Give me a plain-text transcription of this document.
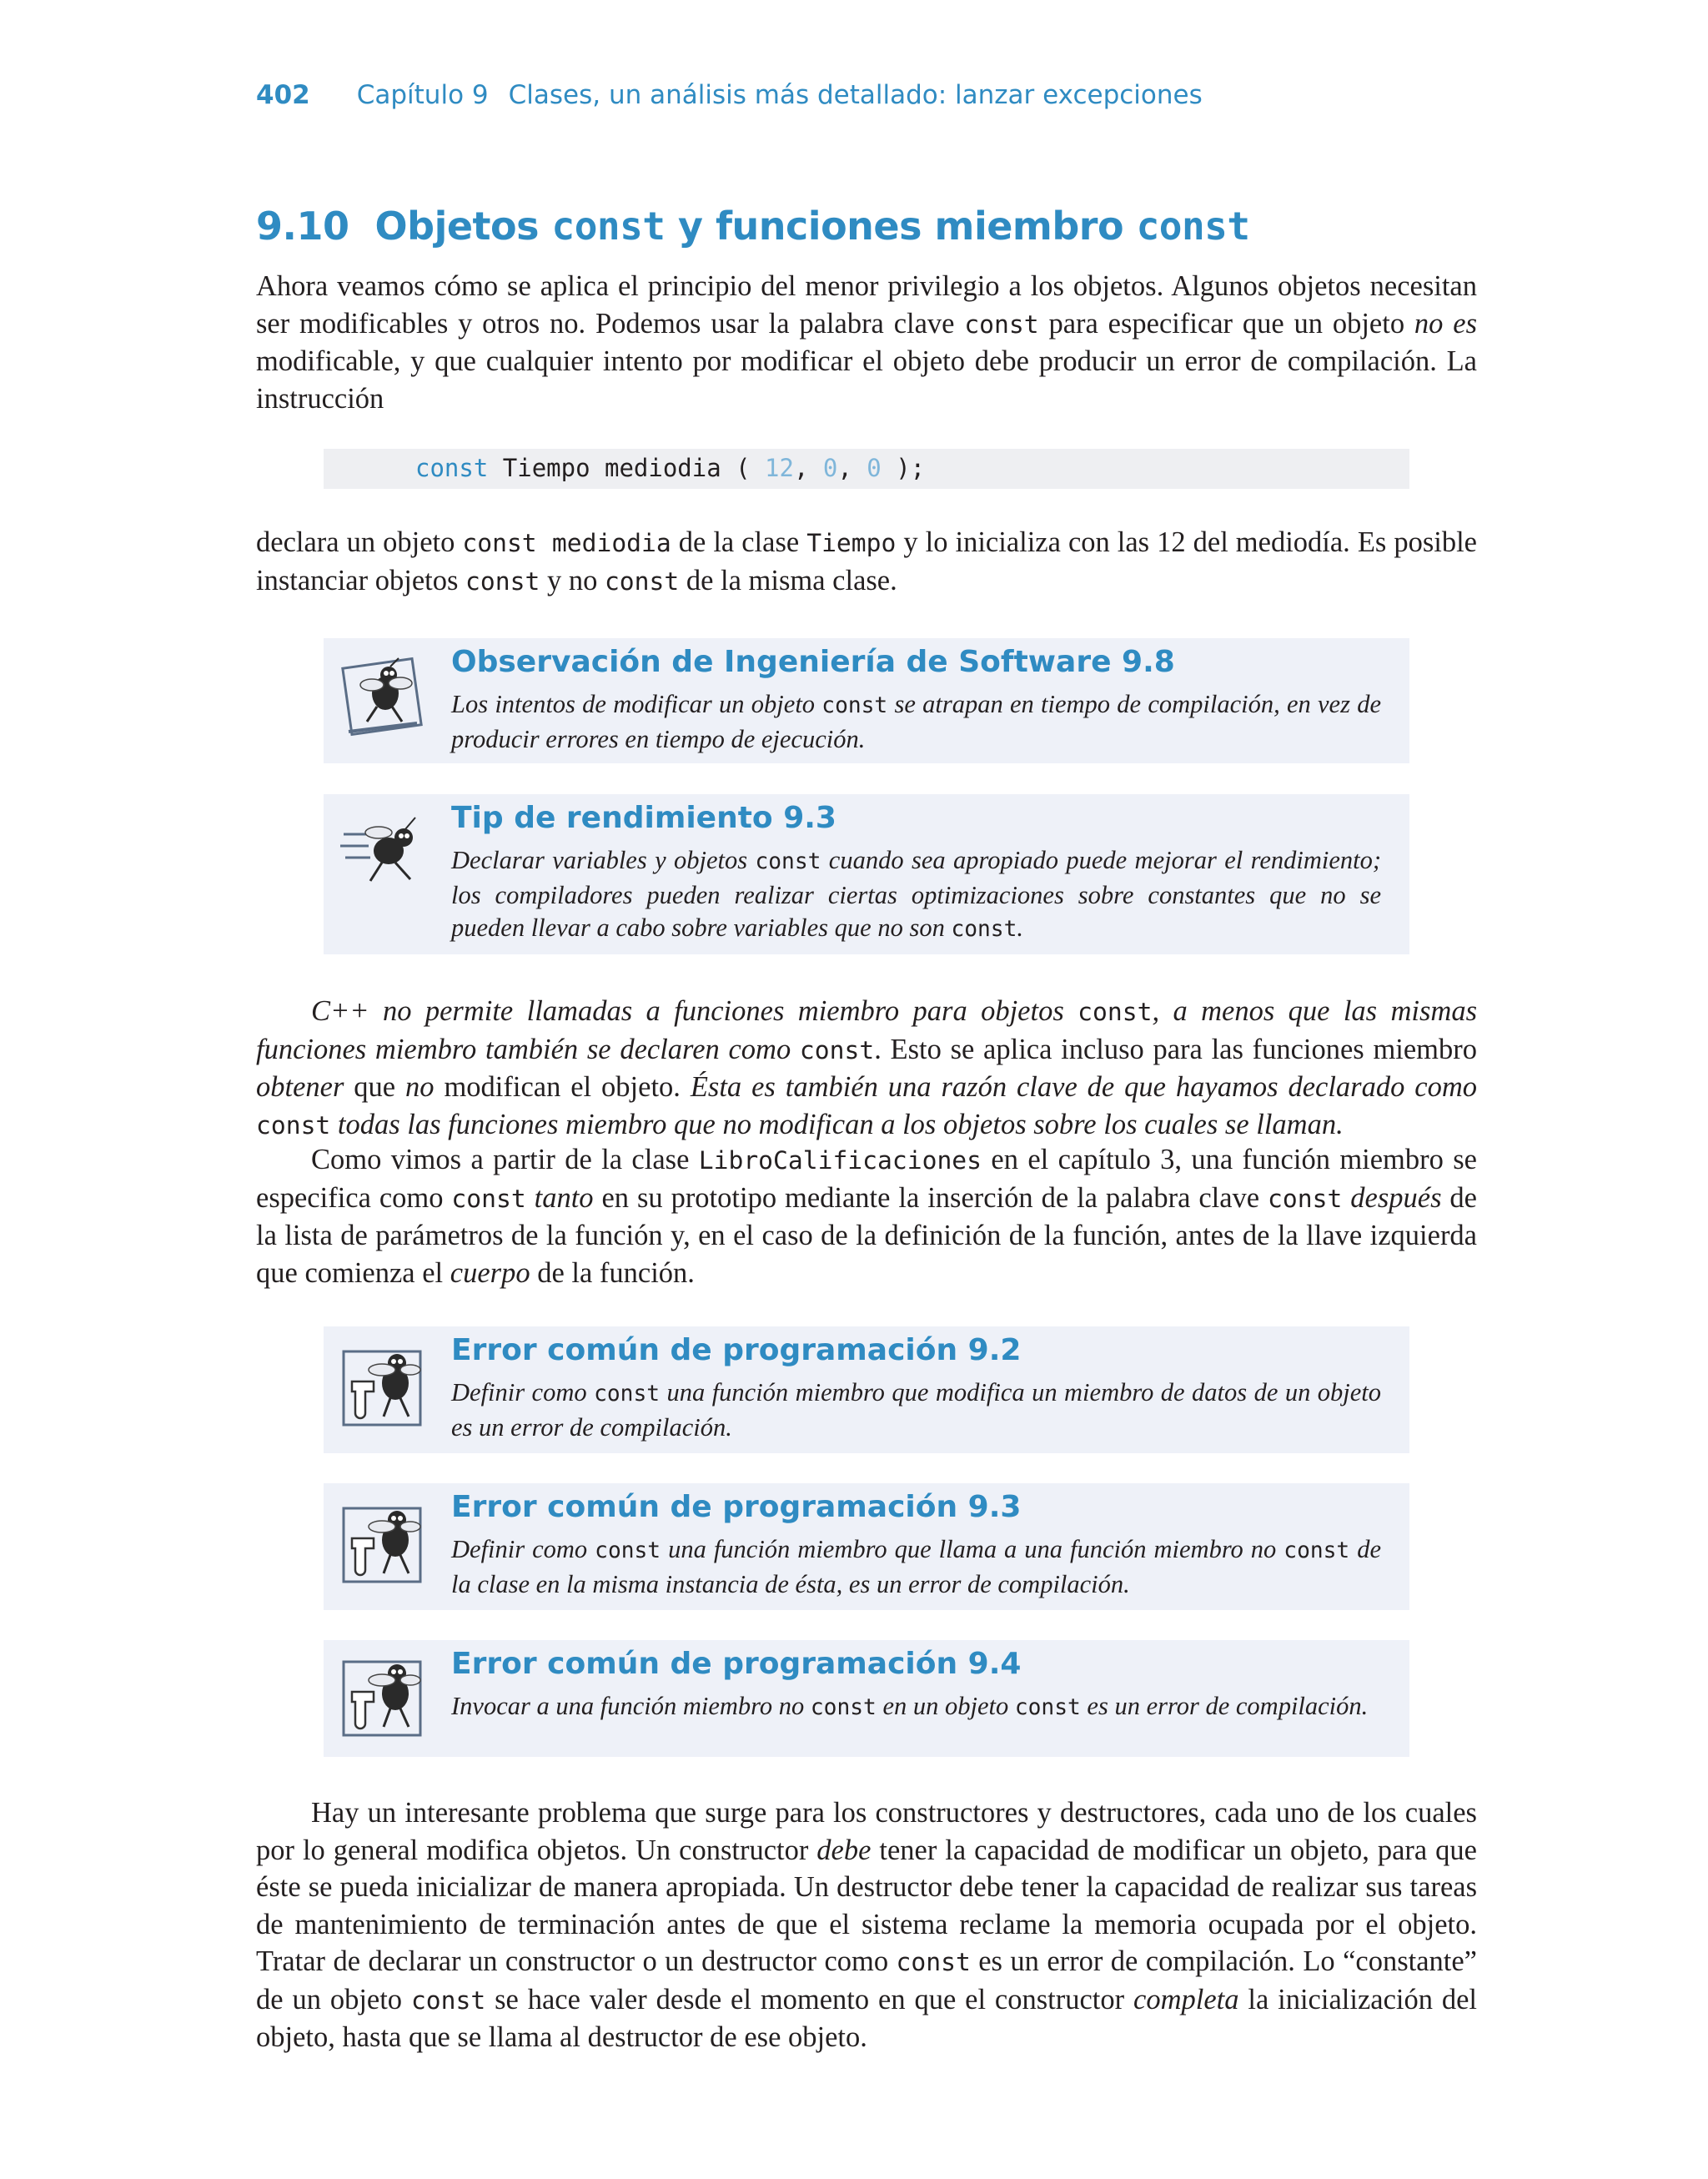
402 Capítulo 9 Clases, un análisis más detallado: lanzar excepciones
9.10 Objetos const y funciones miembro const
Ahora veamos cómo se aplica el principio del menor privilegio a los objetos. Algunos objetos necesitan ser modificables y otros no. Podemos usar la palabra clave const para especificar que un objeto no es modificable, y que cualquier intento por modificar el objeto debe producir un error de compilación. La instrucción
const Tiempo mediodia ( 12, 0, 0 );
declara un objeto const mediodia de la clase Tiempo y lo inicializa con las 12 del mediodía. Es posible instanciar objetos const y no const de la misma clase.
Observación de Ingeniería de Software 9.8
Los intentos de modificar un objeto const se atrapan en tiempo de compilación, en vez de producir errores en tiempo de ejecución.
Tip de rendimiento 9.3
Declarar variables y objetos const cuando sea apropiado puede mejorar el rendimiento; los compiladores pueden realizar ciertas optimizaciones sobre constantes que no se pueden llevar a cabo sobre variables que no son const.
C++ no permite llamadas a funciones miembro para objetos const, a menos que las mismas funciones miembro también se declaren como const. Esto se aplica incluso para las funciones miembro obtener que no modifican el objeto. Ésta es también una razón clave de que hayamos declarado como const todas las funciones miembro que no modifican a los objetos sobre los cuales se llaman.
Como vimos a partir de la clase LibroCalificaciones en el capítulo 3, una función miembro se especifica como const tanto en su prototipo mediante la inserción de la palabra clave const después de la lista de parámetros de la función y, en el caso de la definición de la función, antes de la llave izquierda que comienza el cuerpo de la función.
Error común de programación 9.2
Definir como const una función miembro que modifica un miembro de datos de un objeto es un error de compilación.
Error común de programación 9.3
Definir como const una función miembro que llama a una función miembro no const de la clase en la misma instancia de ésta, es un error de compilación.
Error común de programación 9.4
Invocar a una función miembro no const en un objeto const es un error de compilación.
Hay un interesante problema que surge para los constructores y destructores, cada uno de los cuales por lo general modifica objetos. Un constructor debe tener la capacidad de modificar un objeto, para que éste se pueda inicializar de manera apropiada. Un destructor debe tener la capacidad de realizar sus tareas de mantenimiento de terminación antes de que el sistema reclame la memoria ocupada por el objeto. Tratar de declarar un constructor o un destructor como const es un error de compilación. Lo “constante” de un objeto const se hace valer desde el momento en que el constructor completa la inicialización del objeto, hasta que se llama al destructor de ese objeto.
